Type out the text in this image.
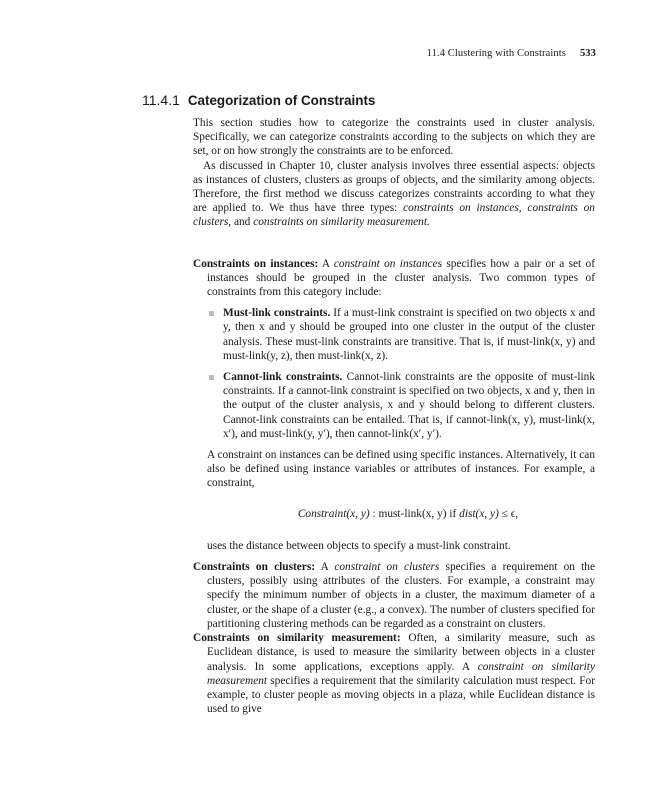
11.4 Clustering with Constraints 533
11.4.1 Categorization of Constraints

This section studies how to categorize the constraints used in cluster analysis. Specifically, we can categorize constraints according to the subjects on which they are set, or on how strongly the constraints are to be enforced.

As discussed in Chapter 10, cluster analysis involves three essential aspects: objects as instances of clusters, clusters as groups of objects, and the similarity among objects. Therefore, the first method we discuss categorizes constraints according to what they are applied to. We thus have three types: constraints on instances, constraints on clusters, and constraints on similarity measurement.

Constraints on instances: A constraint on instances specifies how a pair or a set of instances should be grouped in the cluster analysis. Two common types of constraints from this category include:

Must-link constraints. If a must-link constraint is specified on two objects x and y, then x and y should be grouped into one cluster in the output of the cluster analysis. These must-link constraints are transitive. That is, if must-link(x, y) and must-link(y, z), then must-link(x, z).
Cannot-link constraints. Cannot-link constraints are the opposite of must-link constraints. If a cannot-link constraint is specified on two objects, x and y, then in the output of the cluster analysis, x and y should belong to different clusters. Cannot-link constraints can be entailed. That is, if cannot-link(x, y), must-link(x, x′), and must-link(y, y′), then cannot-link(x′, y′).

A constraint on instances can be defined using specific instances. Alternatively, it can also be defined using instance variables or attributes of instances. For example, a constraint,

Constraint(x, y) : must-link(x, y) if dist(x, y) ≤ ϵ,

uses the distance between objects to specify a must-link constraint.

Constraints on clusters: A constraint on clusters specifies a requirement on the clusters, possibly using attributes of the clusters. For example, a constraint may specify the minimum number of objects in a cluster, the maximum diameter of a cluster, or the shape of a cluster (e.g., a convex). The number of clusters specified for partitioning clustering methods can be regarded as a constraint on clusters.

Constraints on similarity measurement: Often, a similarity measure, such as Euclidean distance, is used to measure the similarity between objects in a cluster analysis. In some applications, exceptions apply. A constraint on similarity measurement specifies a requirement that the similarity calculation must respect. For example, to cluster people as moving objects in a plaza, while Euclidean distance is used to give
